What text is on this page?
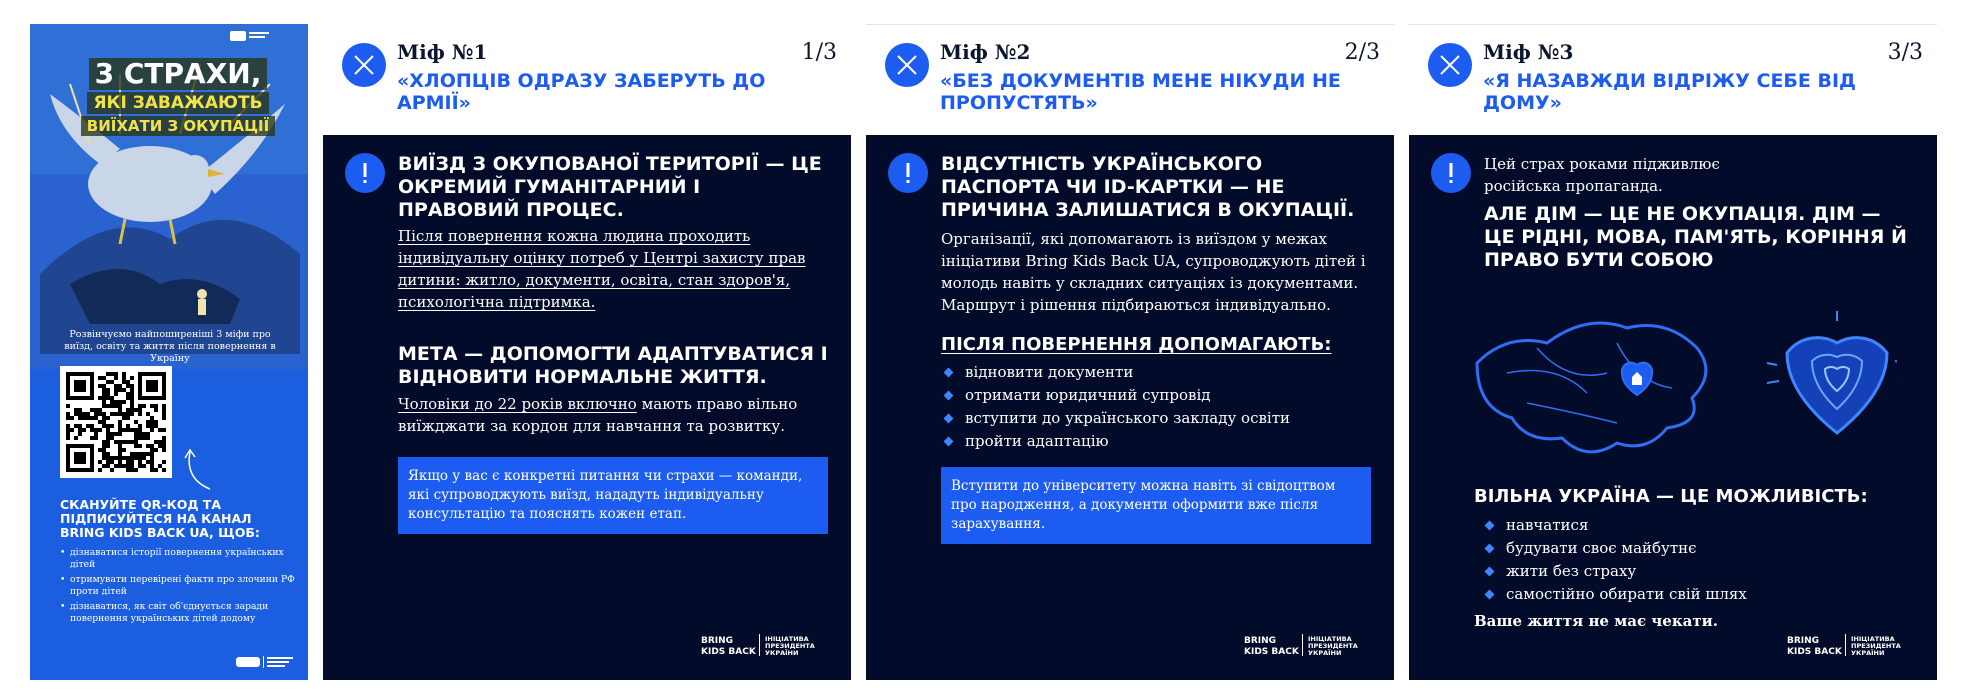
3 СТРАХИ,
ЯКІ ЗАВАЖАЮТЬ
ВИЇХАТИ З ОКУПАЦІЇ
Розвінчуємо найпоширеніші 3 міфи про виїзд, освіту та життя після повернення в Україну
СКАНУЙТЕ QR-КОД ТА ПІДПИСУЙТЕСЯ НА КАНАЛ BRING KIDS BACK UA, ЩОБ:
• дізнаватися історії повернення українських дітей
• отримувати перевірені факти про злочини РФ проти дітей
• дізнаватися, як світ об'єднується заради повернення українських дітей додому
Міф №1	1/3
«ХЛОПЦІВ ОДРАЗУ ЗАБЕРУТЬ ДО АРМІЇ»
ВИЇЗД З ОКУПОВАНОЇ ТЕРИТОРІЇ — ЦЕ ОКРЕМИЙ ГУМАНІТАРНИЙ І ПРАВОВИЙ ПРОЦЕС.
Після повернення кожна людина проходить індивідуальну оцінку потреб у Центрі захисту прав дитини: житло, документи, освіта, стан здоров'я, психологічна підтримка.
МЕТА — ДОПОМОГТИ АДАПТУВАТИСЯ І ВІДНОВИТИ НОРМАЛЬНЕ ЖИТТЯ.
Чоловіки до 22 років включно мають право вільно виїжджати за кордон для навчання та розвитку.
Якщо у вас є конкретні питання чи страхи — команди, які супроводжують виїзд, нададуть індивідуальну консультацію та пояснять кожен етап.
BRING
KIDS BACK
ІНІЦІАТИВА
ПРЕЗИДЕНТА
УКРАЇНИ
Міф №2	2/3
«БЕЗ ДОКУМЕНТІВ МЕНЕ НІКУДИ НЕ ПРОПУСТЯТЬ»
ВІДСУТНІСТЬ УКРАЇНСЬКОГО ПАСПОРТА ЧИ ID-КАРТКИ — НЕ ПРИЧИНА ЗАЛИШАТИСЯ В ОКУПАЦІЇ.
Організації, які допомагають із виїздом у межах ініціативи Bring Kids Back UA, супроводжують дітей і молодь навіть у складних ситуаціях із документами. Маршрут і рішення підбираються індивідуально.
ПІСЛЯ ПОВЕРНЕННЯ ДОПОМАГАЮТЬ:
відновити документи
отримати юридичний супровід
вступити до українського закладу освіти
пройти адаптацію
Вступити до університету можна навіть зі свідоцтвом про народження, а документи оформити вже після зарахування.
BRING
KIDS BACK
ІНІЦІАТИВА
ПРЕЗИДЕНТА
УКРАЇНИ
Міф №3	3/3
«Я НАЗАВЖДИ ВІДРІЖУ СЕБЕ ВІД ДОМУ»
Цей страх роками підживлює російська пропаганда.
АЛЕ ДІМ — ЦЕ НЕ ОКУПАЦІЯ. ДІМ — ЦЕ РІДНІ, МОВА, ПАМ'ЯТЬ, КОРІННЯ Й ПРАВО БУТИ СОБОЮ
ВІЛЬНА УКРАЇНА — ЦЕ МОЖЛИВІСТЬ:
навчатися
будувати своє майбутнє
жити без страху
самостійно обирати свій шлях
Ваше життя не має чекати.
BRING
KIDS BACK
ІНІЦІАТИВА
ПРЕЗИДЕНТА
УКРАЇНИ
